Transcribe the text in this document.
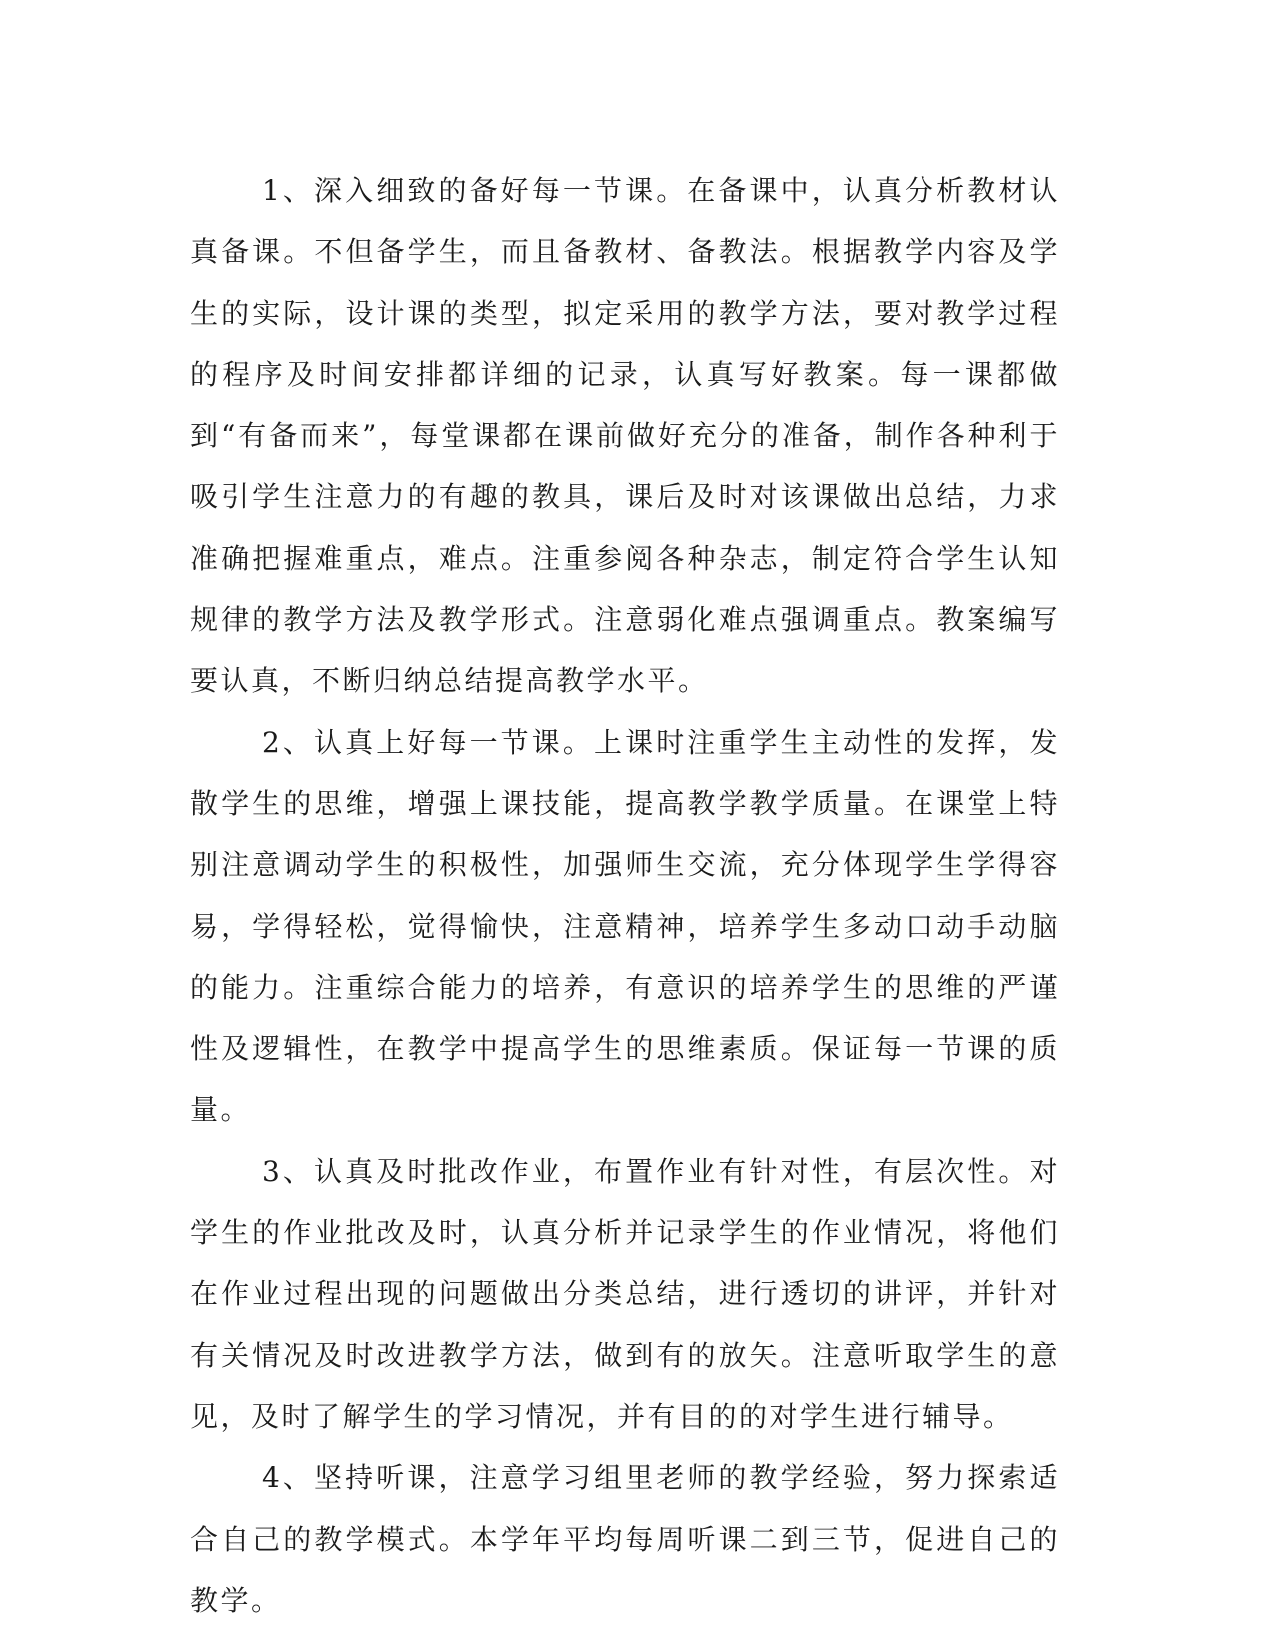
1、深入细致的备好每一节课。在备课中，认真分析教材认真备课。不但备学生，而且备教材、备教法。根据教学内容及学生的实际，设计课的类型，拟定采用的教学方法，要对教学过程的程序及时间安排都详细的记录，认真写好教案。每一课都做到“有备而来”，每堂课都在课前做好充分的准备，制作各种利于吸引学生注意力的有趣的教具，课后及时对该课做出总结，力求准确把握难重点，难点。注重参阅各种杂志，制定符合学生认知规律的教学方法及教学形式。注意弱化难点强调重点。教案编写要认真，不断归纳总结提高教学水平。

2、认真上好每一节课。上课时注重学生主动性的发挥，发散学生的思维，增强上课技能，提高教学教学质量。在课堂上特别注意调动学生的积极性，加强师生交流，充分体现学生学得容易，学得轻松，觉得愉快，注意精神，培养学生多动口动手动脑的能力。注重综合能力的培养，有意识的培养学生的思维的严谨性及逻辑性，在教学中提高学生的思维素质。保证每一节课的质量。

3、认真及时批改作业，布置作业有针对性，有层次性。对学生的作业批改及时，认真分析并记录学生的作业情况，将他们在作业过程出现的问题做出分类总结，进行透切的讲评，并针对有关情况及时改进教学方法，做到有的放矢。注意听取学生的意见，及时了解学生的学习情况，并有目的的对学生进行辅导。

4、坚持听课，注意学习组里老师的教学经验，努力探索适合自己的教学模式。本学年平均每周听课二到三节，促进自己的教学。
